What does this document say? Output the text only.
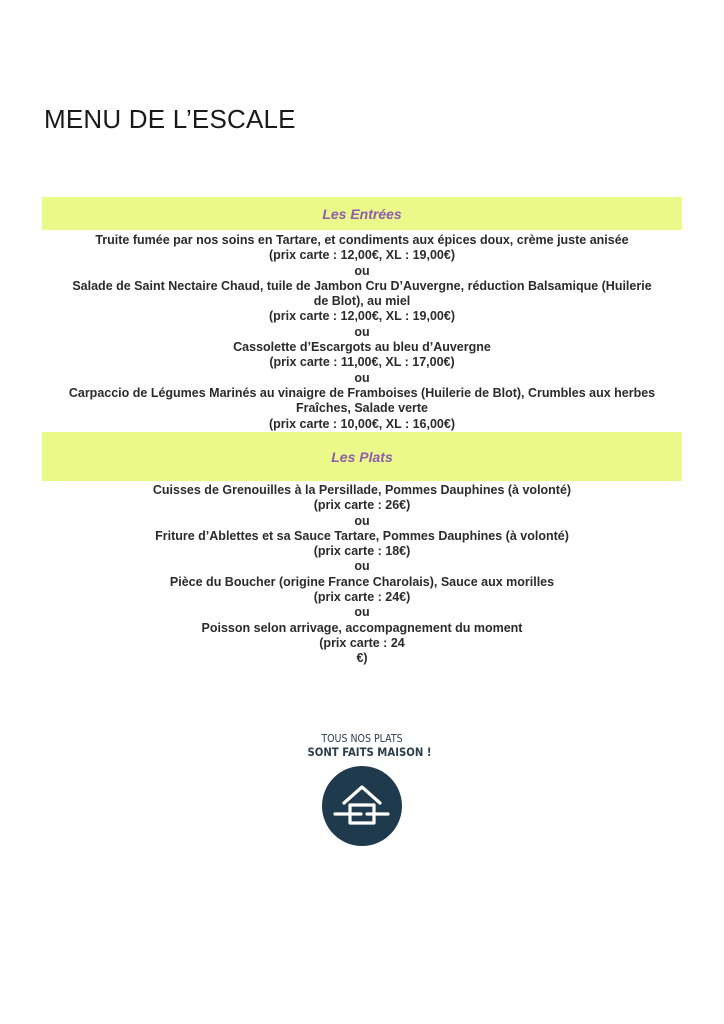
MENU DE L’ESCALE
Les Entrées
Truite fumée par nos soins en Tartare, et condiments aux épices doux, crème juste anisée
(prix carte : 12,00€, XL : 19,00€)
ou
Salade de Saint Nectaire Chaud, tuile de Jambon Cru D’Auvergne, réduction Balsamique (Huilerie
de Blot), au miel
(prix carte : 12,00€, XL : 19,00€)
ou
Cassolette d’Escargots au bleu d’Auvergne
(prix carte : 11,00€, XL : 17,00€)
ou
Carpaccio de Légumes Marinés au vinaigre de Framboises (Huilerie de Blot), Crumbles aux herbes
Fraîches, Salade verte
(prix carte : 10,00€, XL : 16,00€)
Les Plats
Cuisses de Grenouilles à la Persillade, Pommes Dauphines (à volonté)
(prix carte : 26€)
ou
Friture d’Ablettes et sa Sauce Tartare, Pommes Dauphines (à volonté)
(prix carte : 18€)
ou
Pièce du Boucher (origine France Charolais), Sauce aux morilles
(prix carte : 24€)
ou
Poisson selon arrivage, accompagnement du moment
(prix carte : 24
€)
TOUS NOS PLATS
SONT FAITS MAISON !
